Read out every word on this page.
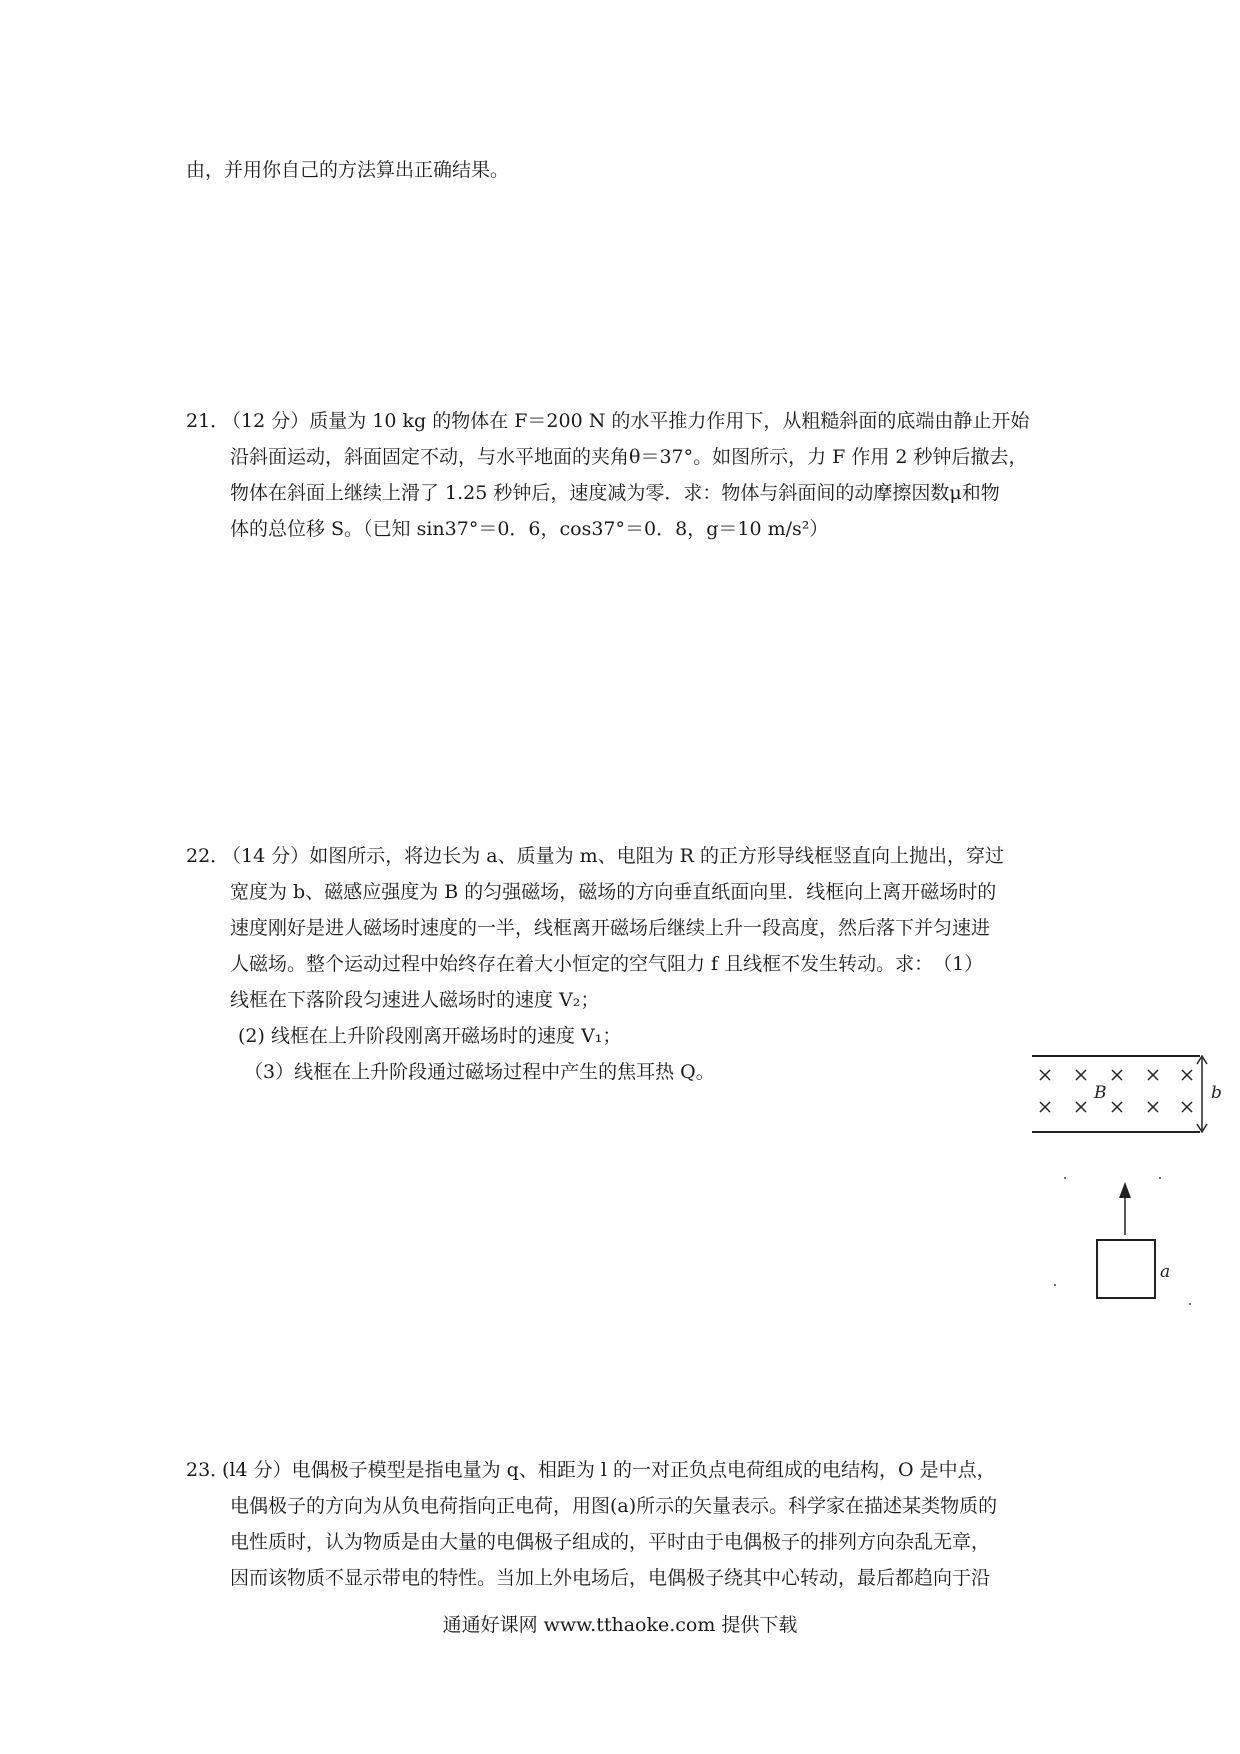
由，并用你自己的方法算出正确结果。
21．
（12 分）质量为 10 kg 的物体在 F＝200 N 的水平推力作用下，从粗糙斜面的底端由静止开始
沿斜面运动，斜面固定不动，与水平地面的夹角θ＝37°。如图所示，力 F 作用 2 秒钟后撤去，
物体在斜面上继续上滑了 1.25 秒钟后，速度减为零．求：物体与斜面间的动摩擦因数μ和物
体的总位移 S。（已知 sin37°＝0．6，cos37°＝0．8，g＝10 m/s²）
22．
（14 分）如图所示，将边长为 a、质量为 m、电阻为 R 的正方形导线框竖直向上抛出，穿过
宽度为 b、磁感应强度为 B 的匀强磁场，磁场的方向垂直纸面向里．线框向上离开磁场时的
速度刚好是进人磁场时速度的一半，线框离开磁场后继续上升一段高度，然后落下并匀速进
人磁场。整个运动过程中始终存在着大小恒定的空气阻力 f 且线框不发生转动。求：　（1）
线框在下落阶段匀速进人磁场时的速度 V₂；
(2) 线框在上升阶段刚离开磁场时的速度 V₁；
（3）线框在上升阶段通过磁场过程中产生的焦耳热 Q。
B	b
a
23．
(l4 分）电偶极子模型是指电量为 q、相距为 l 的一对正负点电荷组成的电结构，O 是中点，
电偶极子的方向为从负电荷指向正电荷，用图(a)所示的矢量表示。科学家在描述某类物质的
电性质时，认为物质是由大量的电偶极子组成的，平时由于电偶极子的排列方向杂乱无章，
因而该物质不显示带电的特性。当加上外电场后，电偶极子绕其中心转动，最后都趋向于沿
通通好课网 www.tthaoke.com 提供下载
